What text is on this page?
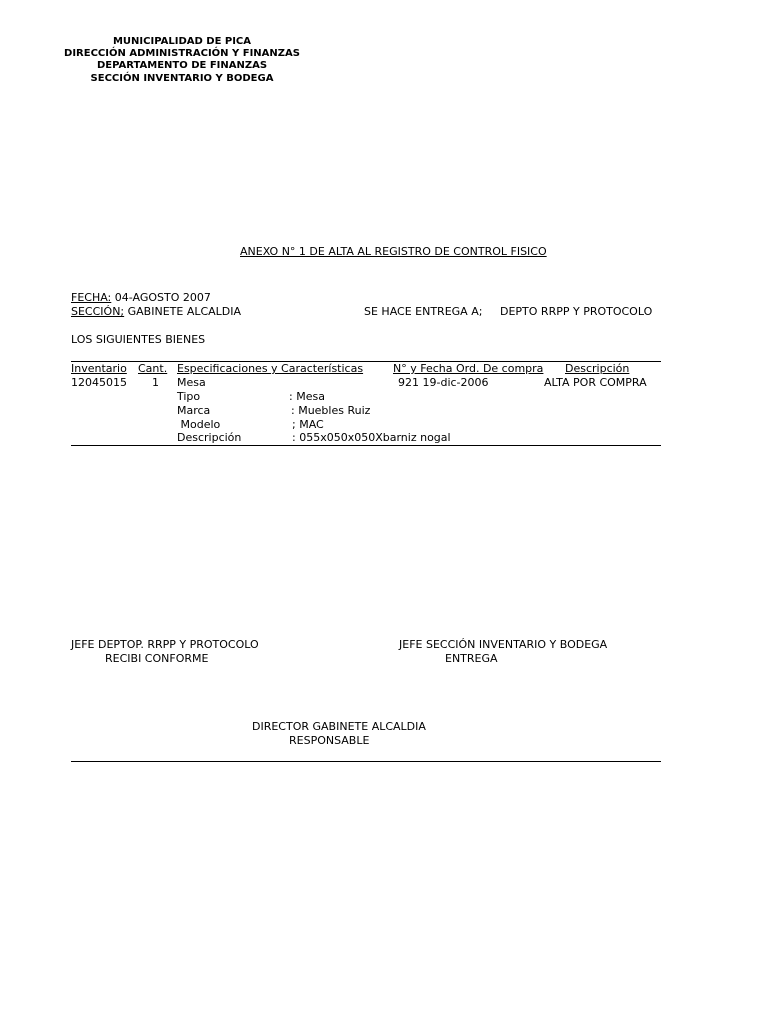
MUNICIPALIDAD DE PICA
DIRECCIÓN ADMINISTRACIÓN Y FINANZAS
DEPARTAMENTO DE FINANZAS
SECCIÓN INVENTARIO Y BODEGA
ANEXO N° 1 DE ALTA AL REGISTRO DE CONTROL FISICO
FECHA: 04-AGOSTO 2007
SECCIÓN; GABINETE ALCALDIA	SE HACE ENTREGA A; DEPTO RRPP Y PROTOCOLO
LOS SIGUIENTES BIENES
Inventario Cant. Especificaciones y Características	N° y Fecha Ord. De compra Descripción
12045015 1 Mesa	921 19-dic-2006	ALTA POR COMPRA
Tipo	: Mesa
Marca	: Muebles Ruiz
Modelo	; MAC
Descripción	: 055x050x050Xbarniz nogal
JEFE DEPTOP. RRPP Y PROTOCOLO
RECIBI CONFORME
JEFE SECCIÓN INVENTARIO Y BODEGA
ENTREGA
DIRECTOR GABINETE ALCALDIA
RESPONSABLE
